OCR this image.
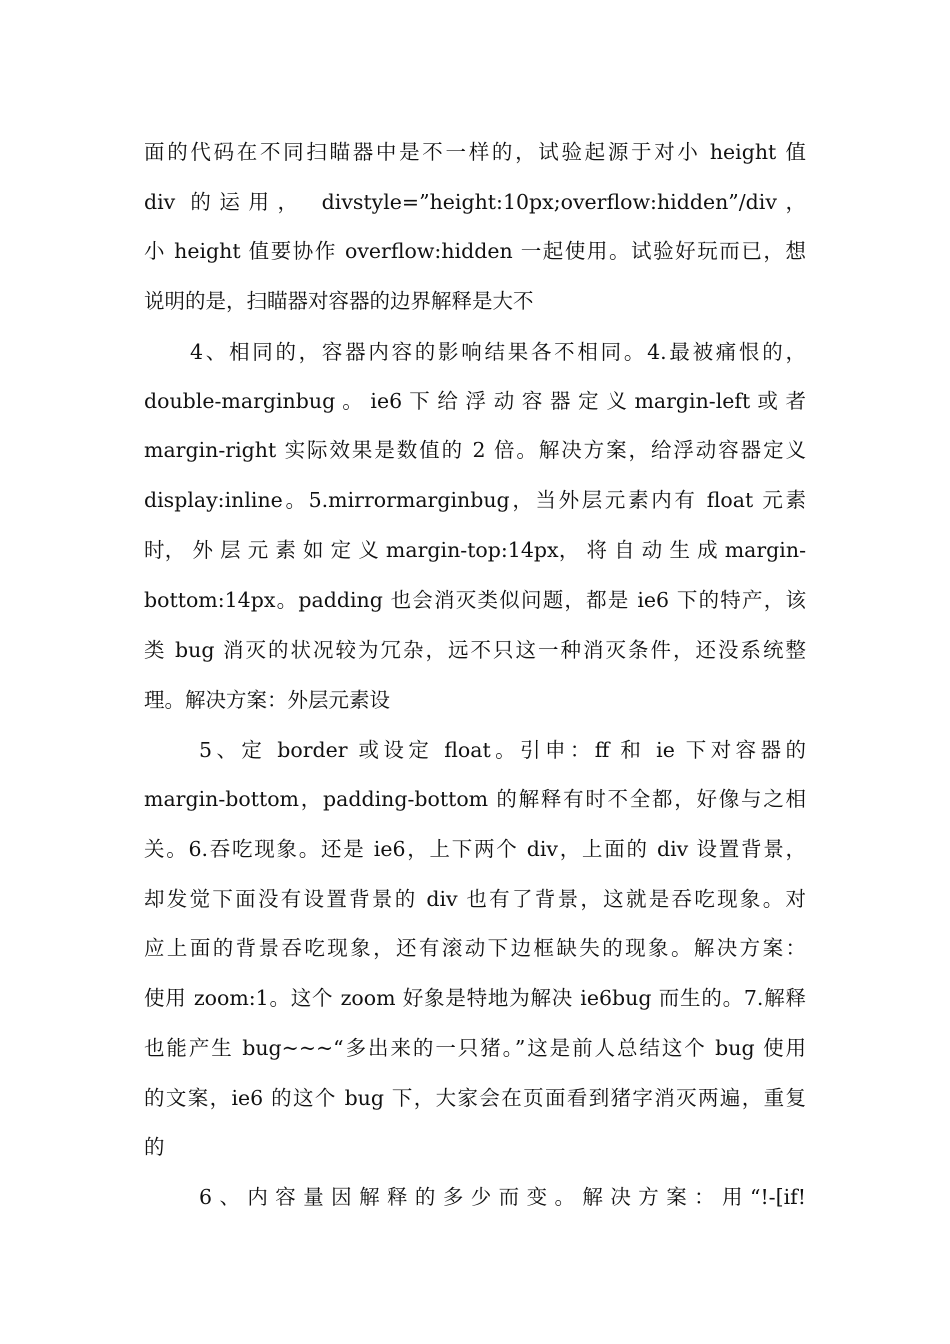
面的代码在不同扫瞄器中是不一样的，试验起源于对小 height 值
div 的运用， divstyle=”height:10px;overflow:hidden”/div，
小 height 值要协作 overflow:hidden 一起使用。试验好玩而已，想
说明的是，扫瞄器对容器的边界解释是大不
4、相同的，容器内容的影响结果各不相同。4.最被痛恨的，
double-marginbug 。 ie6 下 给 浮 动 容 器 定 义 margin-left 或 者
margin-right 实际效果是数值的 2 倍。解决方案，给浮动容器定义
display:inline。5.mirrormarginbug，当外层元素内有 float 元素
时， 外 层 元 素 如 定 义 margin-top:14px， 将 自 动 生 成 margin-
bottom:14px。padding 也会消灭类似问题，都是 ie6 下的特产，该
类 bug 消灭的状况较为冗杂，远不只这一种消灭条件，还没系统整
理。解决方案：外层元素设
5、定 border 或设定 float。引申：ff 和 ie 下对容器的
margin-bottom，padding-bottom 的解释有时不全都，好像与之相
关。6.吞吃现象。还是 ie6，上下两个 div，上面的 div 设置背景，
却发觉下面没有设置背景的 div 也有了背景，这就是吞吃现象。对
应上面的背景吞吃现象，还有滚动下边框缺失的现象。解决方案：
使用 zoom:1。这个 zoom 好象是特地为解决 ie6bug 而生的。7.解释
也能产生 bug~~~“多出来的一只猪。”这是前人总结这个 bug 使用
的文案，ie6 的这个 bug 下，大家会在页面看到猪字消灭两遍，重复
的
6、内容量因解释的多少而变。解决方案：用“!-[if!
